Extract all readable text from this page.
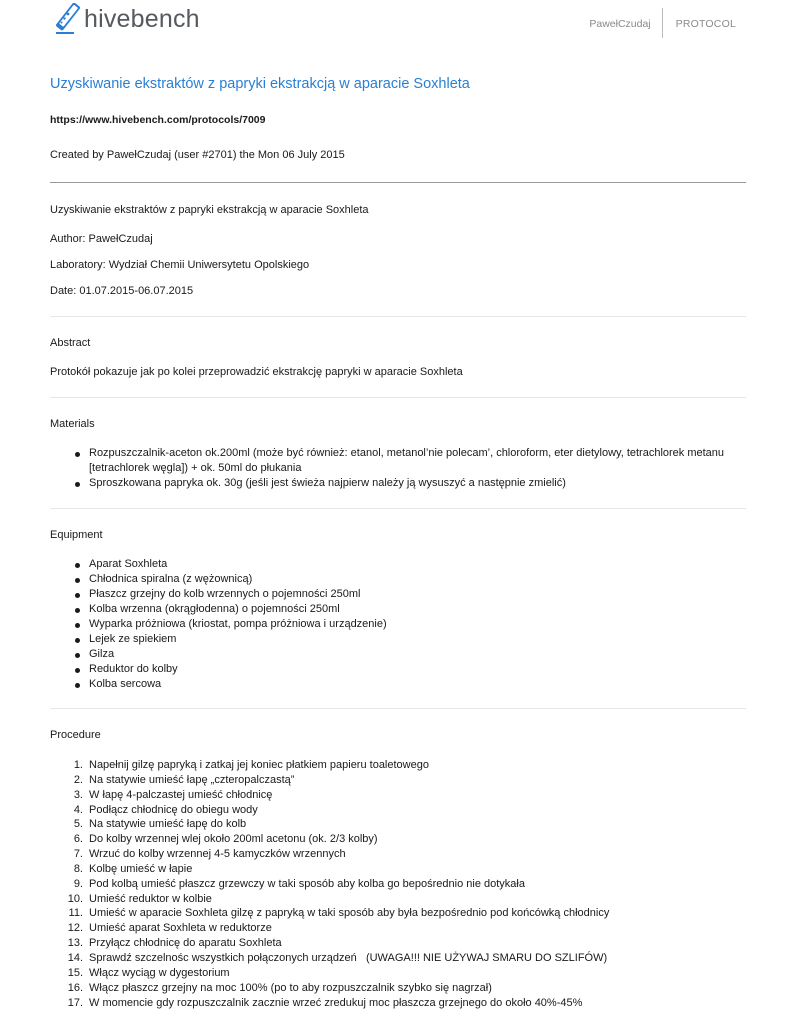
hivebench	PawełCzudaj	PROTOCOL
Uzyskiwanie ekstraktów z papryki ekstrakcją w aparacie Soxhleta
https://www.hivebench.com/protocols/7009
Created by PawełCzudaj (user #2701) the Mon 06 July 2015
Uzyskiwanie ekstraktów z papryki ekstrakcją w aparacie Soxhleta
Author: PawełCzudaj
Laboratory: Wydział Chemii Uniwersytetu Opolskiego
Date: 01.07.2015-06.07.2015
Abstract
Protokół pokazuje jak po kolei przeprowadzić ekstrakcję papryki w aparacie Soxhleta
Materials
Rozpuszczalnik-aceton ok.200ml (może być również: etanol, metanol’nie polecam’, chloroform, eter dietylowy, tetrachlorek metanu [tetrachlorek węgla]) + ok. 50ml do płukania
Sproszkowana papryka ok. 30g (jeśli jest świeża najpierw należy ją wysuszyć a następnie zmielić)
Equipment
Aparat Soxhleta
Chłodnica spiralna (z wężownicą)
Płaszcz grzejny do kolb wrzennych o pojemności 250ml
Kolba wrzenna (okrągłodenna) o pojemności 250ml
Wyparka próżniowa (kriostat, pompa próżniowa i urządzenie)
Lejek ze spiekiem
Gilza
Reduktor do kolby
Kolba sercowa
Procedure
1. Napełnij gilzę papryką i zatkaj jej koniec płatkiem papieru toaletowego
2. Na statywie umieść łapę „czteropalczastą”
3. W łapę 4-palczastej umieść chłodnicę
4. Podłącz chłodnicę do obiegu wody
5. Na statywie umieść łapę do kolb
6. Do kolby wrzennej wlej około 200ml acetonu (ok. 2/3 kolby)
7. Wrzuć do kolby wrzennej 4-5 kamyczków wrzennych
8. Kolbę umieść w łapie
9. Pod kolbą umieść płaszcz grzewczy w taki sposób aby kolba go bepośrednio nie dotykała
10. Umieść reduktor w kolbie
11. Umieść w aparacie Soxhleta gilzę z papryką w taki sposób aby była bezpośrednio pod końcówką chłodnicy
12. Umieść aparat Soxhleta w reduktorze
13. Przyłącz chłodnicę do aparatu Soxhleta
14. Sprawdź szczelnośc wszystkich połączonych urządzeń   (UWAGA!!! NIE UŻYWAJ SMARU DO SZLIFÓW)
15. Włącz wyciąg w dygestorium
16. Włącz płaszcz grzejny na moc 100% (po to aby rozpuszczalnik szybko się nagrzał)
17. W momencie gdy rozpuszczalnik zacznie wrzeć zredukuj moc płaszcza grzejnego do około 40%-45%
